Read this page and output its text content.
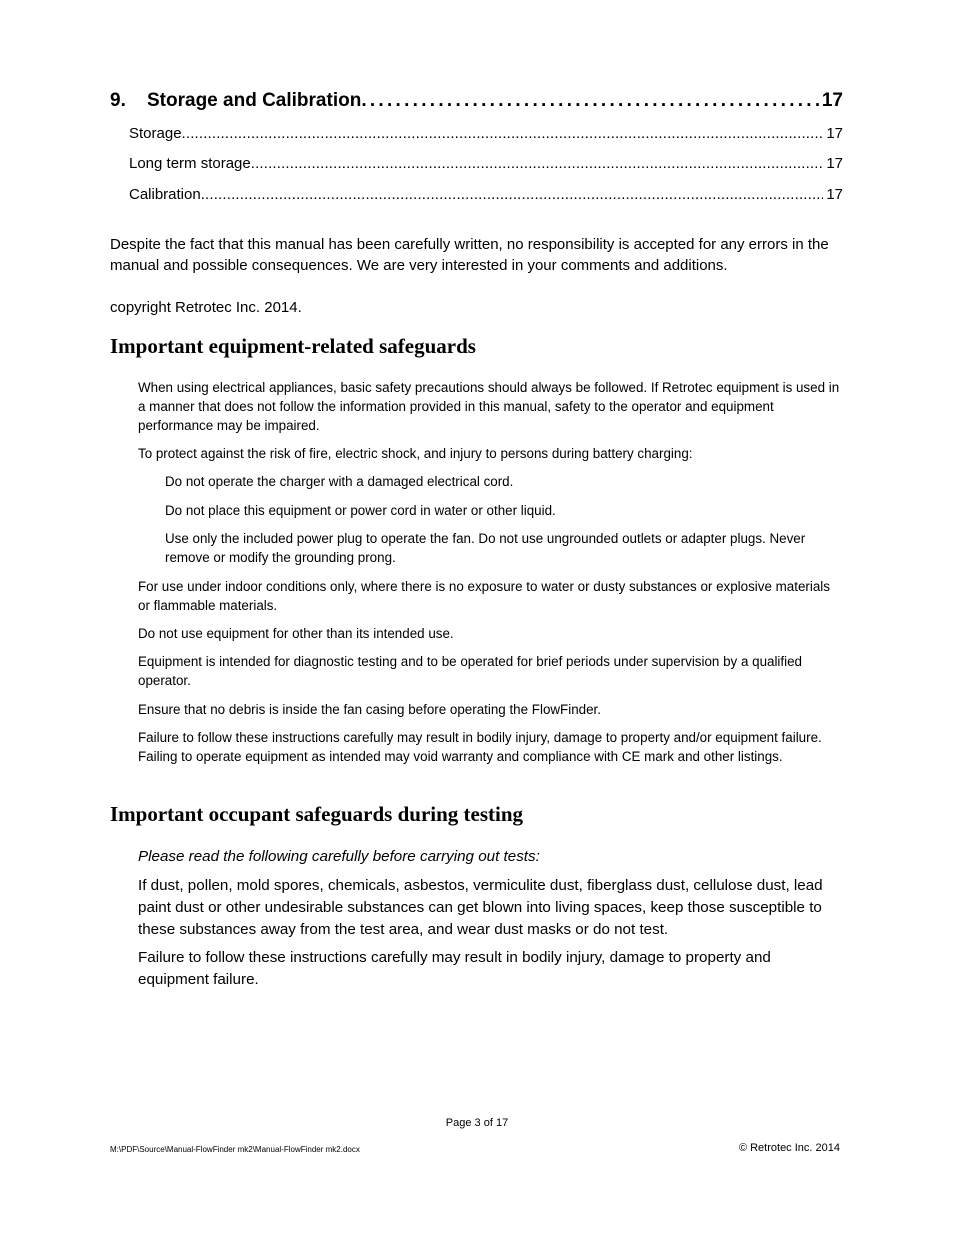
9. Storage and Calibration . . .	17
Storage . . .	17
Long term storage . . .	17
Calibration . . .	17
Despite the fact that this manual has been carefully written, no responsibility is accepted for any errors in the manual and possible consequences. We are very interested in your comments and additions.
copyright Retrotec Inc. 2014.
Important equipment-related safeguards
When using electrical appliances, basic safety precautions should always be followed. If Retrotec equipment is used in a manner that does not follow the information provided in this manual, safety to the operator and equipment performance may be impaired.
To protect against the risk of fire, electric shock, and injury to persons during battery charging:
Do not operate the charger with a damaged electrical cord.
Do not place this equipment or power cord in water or other liquid.
Use only the included power plug to operate the fan. Do not use ungrounded outlets or adapter plugs. Never remove or modify the grounding prong.
For use under indoor conditions only, where there is no exposure to water or dusty substances or explosive materials or flammable materials.
Do not use equipment for other than its intended use.
Equipment is intended for diagnostic testing and to be operated for brief periods under supervision by a qualified operator.
Ensure that no debris is inside the fan casing before operating the FlowFinder.
Failure to follow these instructions carefully may result in bodily injury, damage to property and/or equipment failure. Failing to operate equipment as intended may void warranty and compliance with CE mark and other listings.
Important occupant safeguards during testing
Please read the following carefully before carrying out tests:
If dust, pollen, mold spores, chemicals, asbestos, vermiculite dust, fiberglass dust, cellulose dust, lead paint dust or other undesirable substances can get blown into living spaces, keep those susceptible to these substances away from the test area, and wear dust masks or do not test.
Failure to follow these instructions carefully may result in bodily injury, damage to property and equipment failure.
Page 3 of 17
M:\PDF\Source\Manual-FlowFinder mk2\Manual-FlowFinder mk2.docx	© Retrotec Inc. 2014
